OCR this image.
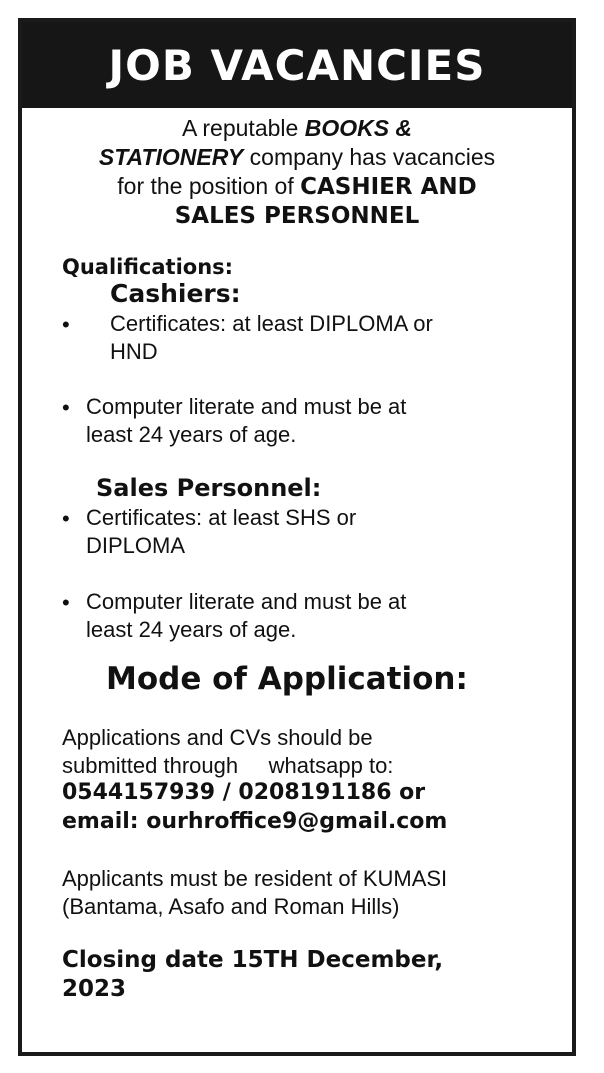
JOB VACANCIES
A reputable BOOKS &
STATIONERY company has vacancies
for the position of CASHIER AND
SALES PERSONNEL
Qualifications:
Cashiers:
• Certificates: at least DIPLOMA or
HND
• Computer literate and must be at
least 24 years of age.
Sales Personnel:
• Certificates: at least SHS or
DIPLOMA
• Computer literate and must be at
least 24 years of age.
Mode of Application:
Applications and CVs should be
submitted through     whatsapp to:
0544157939 / 0208191186 or
email: ourhroffice9@gmail.com
Applicants must be resident of KUMASI
(Bantama, Asafo and Roman Hills)
Closing date 15TH December,
2023
